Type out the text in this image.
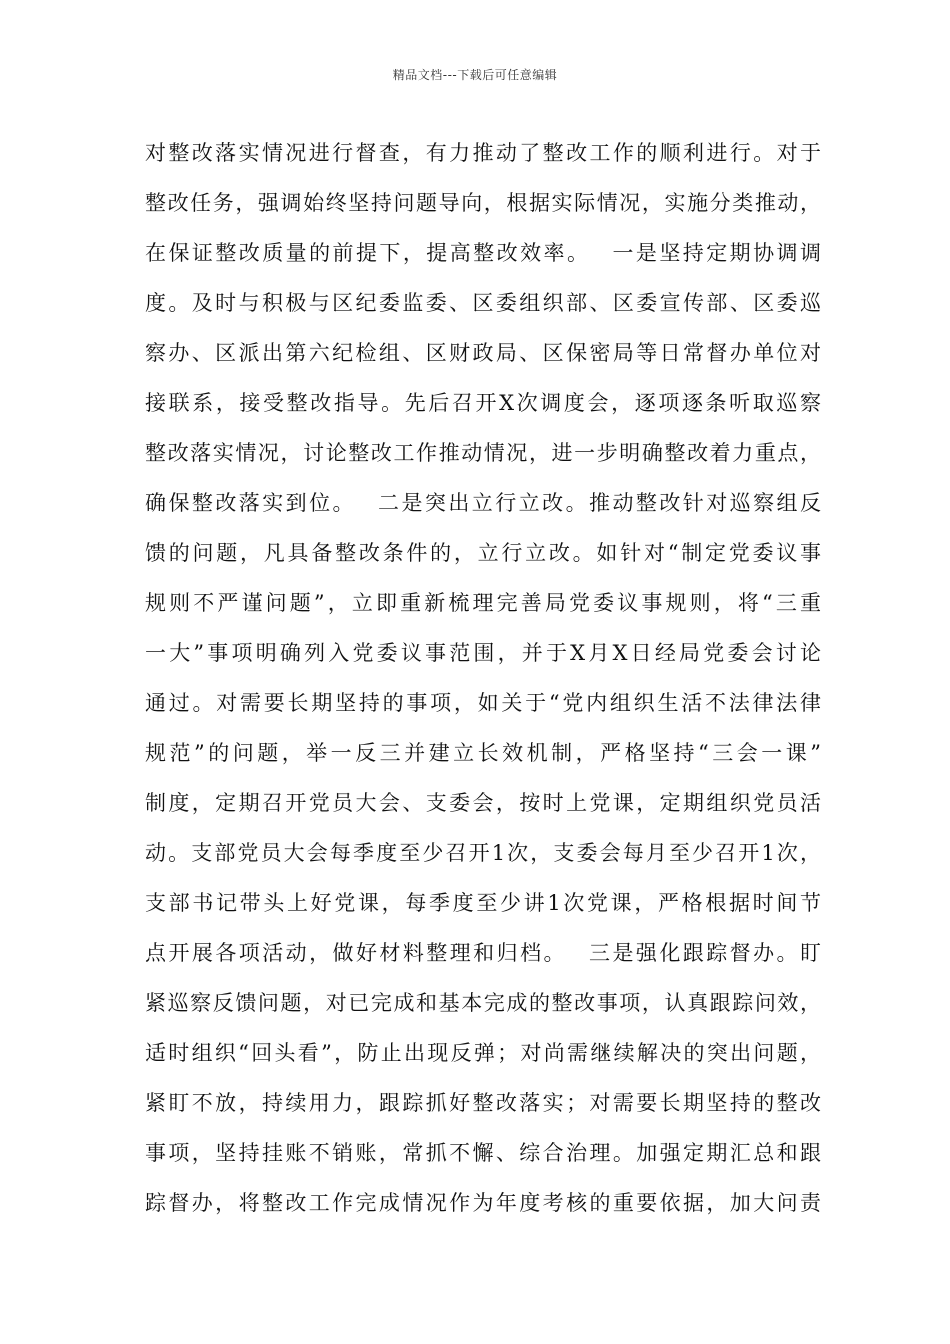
精品文档---下载后可任意编辑
对整改落实情况进行督查，有力推动了整改工作的顺利进行。对于
整改任务，强调始终坚持问题导向，根据实际情况，实施分类推动，
在保证整改质量的前提下，提高整改效率。　 一是坚持定期协调调
度。及时与积极与区纪委监委、区委组织部、区委宣传部、区委巡
察办、区派出第六纪检组、区财政局、区保密局等日常督办单位对
接联系，接受整改指导。先后召开X次调度会，逐项逐条听取巡察
整改落实情况，讨论整改工作推动情况，进一步明确整改着力重点，
确保整改落实到位。　 二是突出立行立改。推动整改针对巡察组反
馈的问题，凡具备整改条件的，立行立改。如针对“制定党委议事
规则不严谨问题”，立即重新梳理完善局党委议事规则，将“三重
一大”事项明确列入党委议事范围，并于X月X日经局党委会讨论
通过。对需要长期坚持的事项，如关于“党内组织生活不法律法律
规范”的问题，举一反三并建立长效机制，严格坚持“三会一课”
制度，定期召开党员大会、支委会，按时上党课，定期组织党员活
动。支部党员大会每季度至少召开1次，支委会每月至少召开1次，
支部书记带头上好党课，每季度至少讲1次党课，严格根据时间节
点开展各项活动，做好材料整理和归档。　 三是强化跟踪督办。盯
紧巡察反馈问题，对已完成和基本完成的整改事项，认真跟踪问效，
适时组织“回头看”，防止出现反弹；对尚需继续解决的突出问题，
紧盯不放，持续用力，跟踪抓好整改落实；对需要长期坚持的整改
事项，坚持挂账不销账，常抓不懈、综合治理。加强定期汇总和跟
踪督办，将整改工作完成情况作为年度考核的重要依据，加大问责
